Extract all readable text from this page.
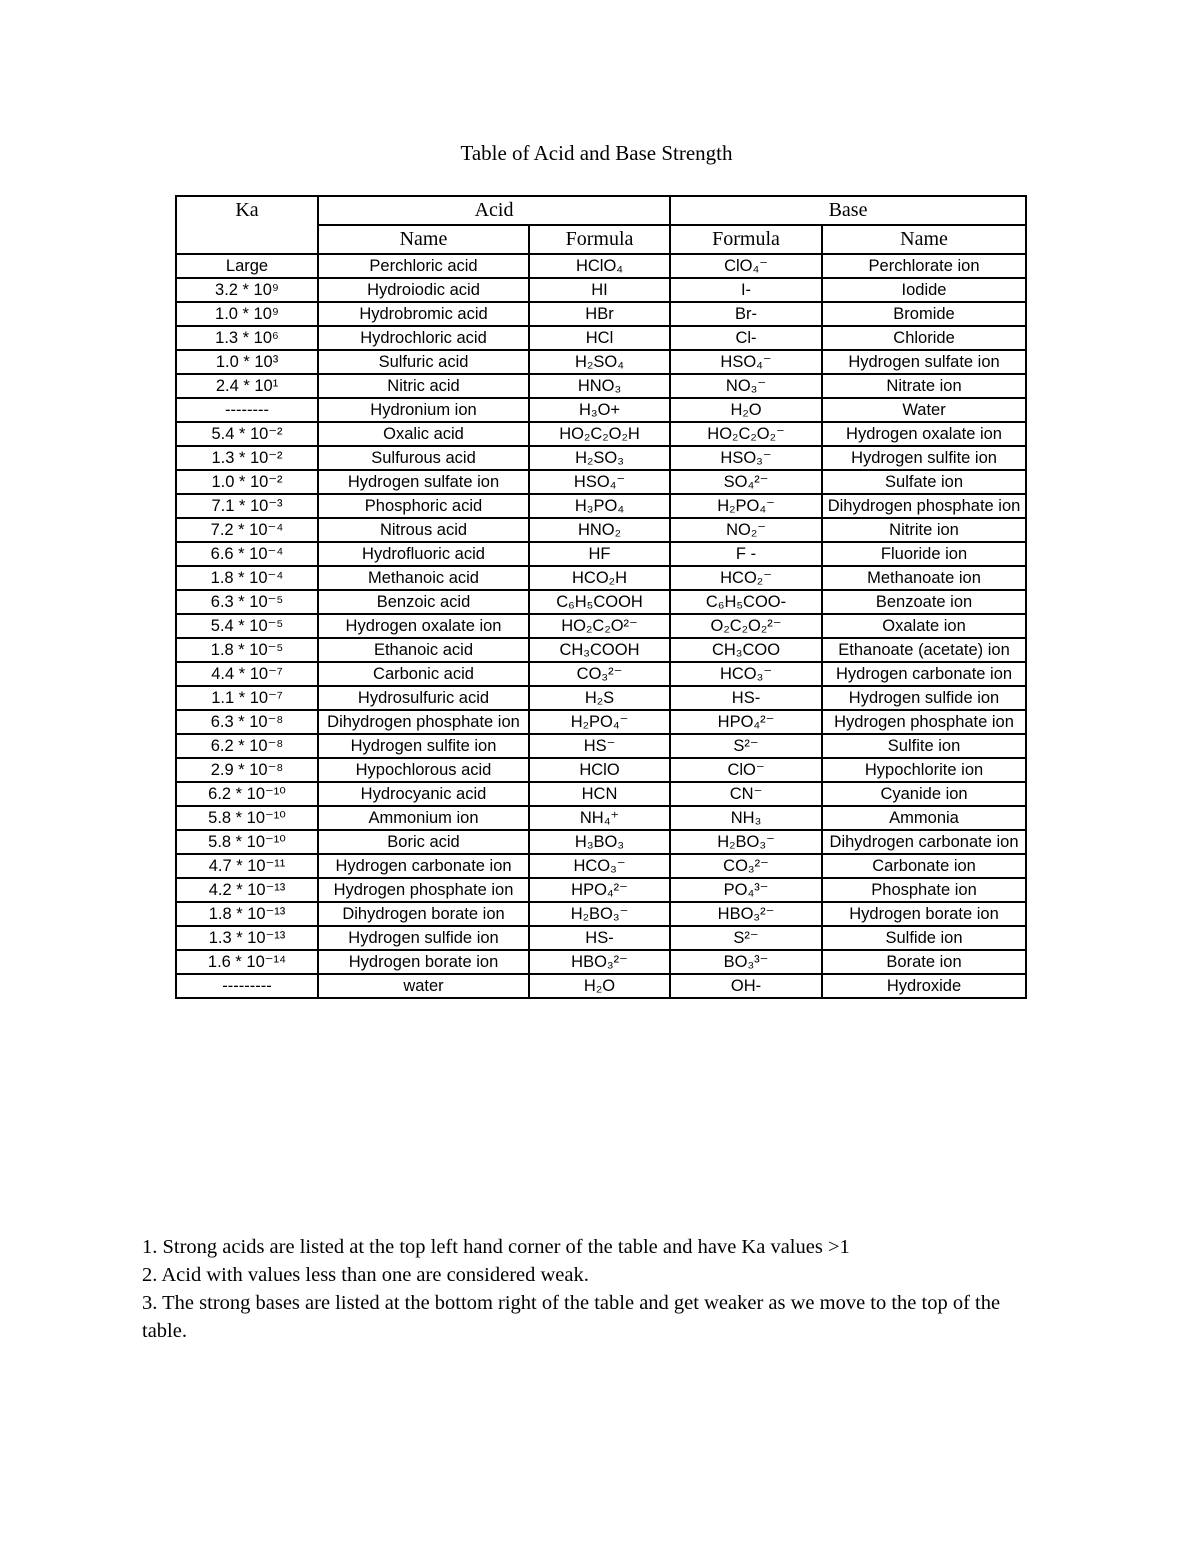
Table of Acid and Base Strength
Ka	Acid		Base	
	Name	Formula	Formula	Name
Large	Perchloric acid	HClO₄	ClO₄⁻	Perchlorate ion
3.2 * 10⁹	Hydroiodic acid	HI	I-	Iodide
1.0 * 10⁹	Hydrobromic acid	HBr	Br-	Bromide
1.3 * 10⁶	Hydrochloric acid	HCl	Cl-	Chloride
1.0 * 10³	Sulfuric acid	H₂SO₄	HSO₄⁻	Hydrogen sulfate ion
2.4 * 10¹	Nitric acid	HNO₃	NO₃⁻	Nitrate ion
--------	Hydronium ion	H₃O+	H₂O	Water
5.4 * 10⁻²	Oxalic acid	HO₂C₂O₂H	HO₂C₂O₂⁻	Hydrogen oxalate ion
1.3 * 10⁻²	Sulfurous acid	H₂SO₃	HSO₃⁻	Hydrogen sulfite ion
1.0 * 10⁻²	Hydrogen sulfate ion	HSO₄⁻	SO₄²⁻	Sulfate ion
7.1 * 10⁻³	Phosphoric acid	H₃PO₄	H₂PO₄⁻	Dihydrogen phosphate ion
7.2 * 10⁻⁴	Nitrous acid	HNO₂	NO₂⁻	Nitrite ion
6.6 * 10⁻⁴	Hydrofluoric acid	HF	F -	Fluoride ion
1.8 * 10⁻⁴	Methanoic acid	HCO₂H	HCO₂⁻	Methanoate ion
6.3 * 10⁻⁵	Benzoic acid	C₆H₅COOH	C₆H₅COO-	Benzoate ion
5.4 * 10⁻⁵	Hydrogen oxalate ion	HO₂C₂O²⁻	O₂C₂O₂²⁻	Oxalate ion
1.8 * 10⁻⁵	Ethanoic acid	CH₃COOH	CH₃COO	Ethanoate (acetate) ion
4.4 * 10⁻⁷	Carbonic acid	CO₃²⁻	HCO₃⁻	Hydrogen carbonate ion
1.1 * 10⁻⁷	Hydrosulfuric acid	H₂S	HS-	Hydrogen sulfide ion
6.3 * 10⁻⁸	Dihydrogen phosphate ion	H₂PO₄⁻	HPO₄²⁻	Hydrogen phosphate ion
6.2 * 10⁻⁸	Hydrogen sulfite ion	HS⁻	S²⁻	Sulfite ion
2.9 * 10⁻⁸	Hypochlorous acid	HClO	ClO⁻	Hypochlorite ion
6.2 * 10⁻¹⁰	Hydrocyanic acid	HCN	CN⁻	Cyanide ion
5.8 * 10⁻¹⁰	Ammonium ion	NH₄⁺	NH₃	Ammonia
5.8 * 10⁻¹⁰	Boric acid	H₃BO₃	H₂BO₃⁻	Dihydrogen carbonate ion
4.7 * 10⁻¹¹	Hydrogen carbonate ion	HCO₃⁻	CO₃²⁻	Carbonate ion
4.2 * 10⁻¹³	Hydrogen phosphate ion	HPO₄²⁻	PO₄³⁻	Phosphate ion
1.8 * 10⁻¹³	Dihydrogen borate ion	H₂BO₃⁻	HBO₃²⁻	Hydrogen borate ion
1.3 * 10⁻¹³	Hydrogen sulfide ion	HS-	S²⁻	Sulfide ion
1.6 * 10⁻¹⁴	Hydrogen borate ion	HBO₃²⁻	BO₃³⁻	Borate ion
---------	water	H₂O	OH-	Hydroxide

1. Strong acids are listed at the top left hand corner of the table and have Ka values >1

2. Acid with values less than one are considered weak.

3. The strong bases are listed at the bottom right of the table and get weaker as we move to the top of the table.
